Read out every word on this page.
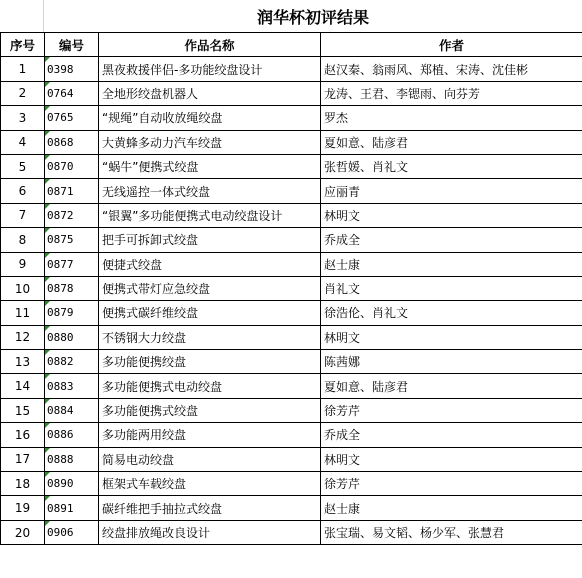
润华杯初评结果
序号	编号	作品名称	作者
1	0398	黑夜救援伴侣-多功能绞盘设计	赵汉秦、翁雨风、郑植、宋涛、沈佳彬
2	0764	全地形绞盘机器人	龙涛、王君、李锶雨、向芬芳
3	0765	“规绳”自动收放绳绞盘	罗杰
4	0868	大黄蜂多动力汽车绞盘	夏如意、陆彦君
5	0870	“蜗牛”便携式绞盘	张哲媛、肖礼文
6	0871	无线遥控一体式绞盘	应丽青
7	0872	“银翼”多功能便携式电动绞盘设计	林明文
8	0875	把手可拆卸式绞盘	乔成全
9	0877	便捷式绞盘	赵士康
10	0878	便携式带灯应急绞盘	肖礼文
11	0879	便携式碳纤维绞盘	徐浩伦、肖礼文
12	0880	不锈钢大力绞盘	林明文
13	0882	多功能便携绞盘	陈茜娜
14	0883	多功能便携式电动绞盘	夏如意、陆彦君
15	0884	多功能便携式绞盘	徐芳芹
16	0886	多功能两用绞盘	乔成全
17	0888	简易电动绞盘	林明文
18	0890	框架式车载绞盘	徐芳芹
19	0891	碳纤维把手抽拉式绞盘	赵士康
20	0906	绞盘排放绳改良设计	张宝瑞、易文韬、杨少军、张慧君
